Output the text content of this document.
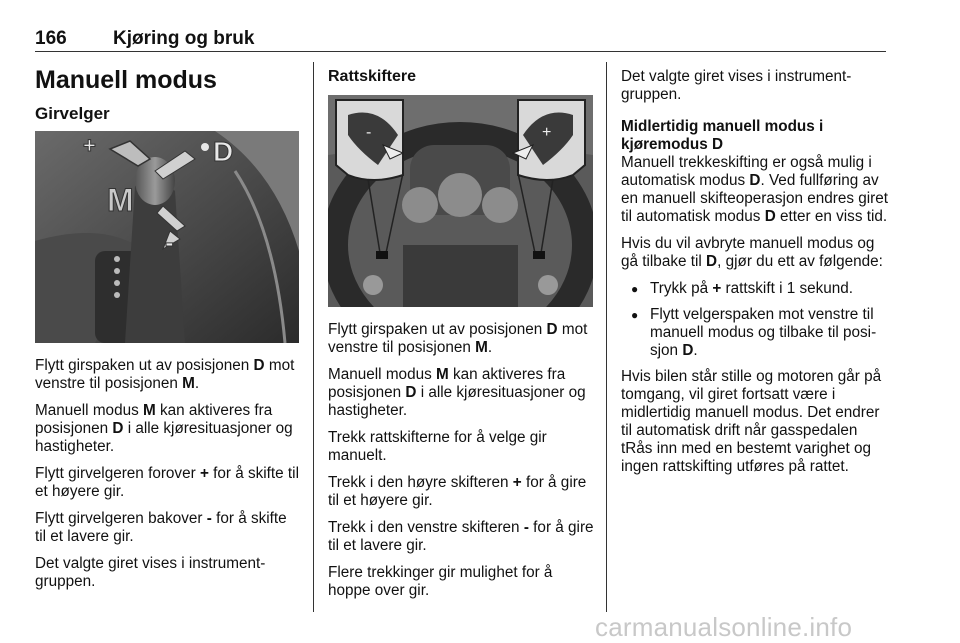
166 Kjøring og bruk
Manuell modus
Girvelger
+	D
M
-
-	+

Flytt girspaken ut av posisjonen D mot venstre til posisjonen M.

Manuell modus M kan aktiveres fra posisjonen D i alle kjøresituasjoner og hastigheter.

Flytt girvelgeren forover + for å skifte til et høyere gir.

Flytt girvelgeren bakover - for å skifte til et lavere gir.

Det valgte giret vises i instrumentgruppen.

Rattskiftere

Flytt girspaken ut av posisjonen D mot venstre til posisjonen M.

Manuell modus M kan aktiveres fra posisjonen D i alle kjøresituasjoner og hastigheter.

Trekk rattskifterne for å velge gir manuelt.

Trekk i den høyre skifteren + for å gire til et høyere gir.

Trekk i den venstre skifteren - for å gire til et lavere gir.

Flere trekkinger gir mulighet for å hoppe over gir.

Det valgte giret vises i instrumentgruppen.

Midlertidig manuell modus i kjøremodus D

Manuell trekkeskifting er også mulig i automatisk modus D. Ved fullføring av en manuell skifteoperasjon endres giret til automatisk modus D etter en viss tid.

Hvis du vil avbryte manuell modus og gå tilbake til D, gjør du ett av følgende:

● Trykk på + rattskift i 1 sekund.
● Flytt velgerspaken mot venstre til manuell modus og tilbake til posisjon D.

Hvis bilen står stille og motoren går på tomgang, vil giret fortsatt være i midlertidig manuell modus. Det endrer til automatisk drift når gasspedalen tRås inn med en bestemt varighet og ingen rattskifting utføres på rattet.

carmanualsonline.info
